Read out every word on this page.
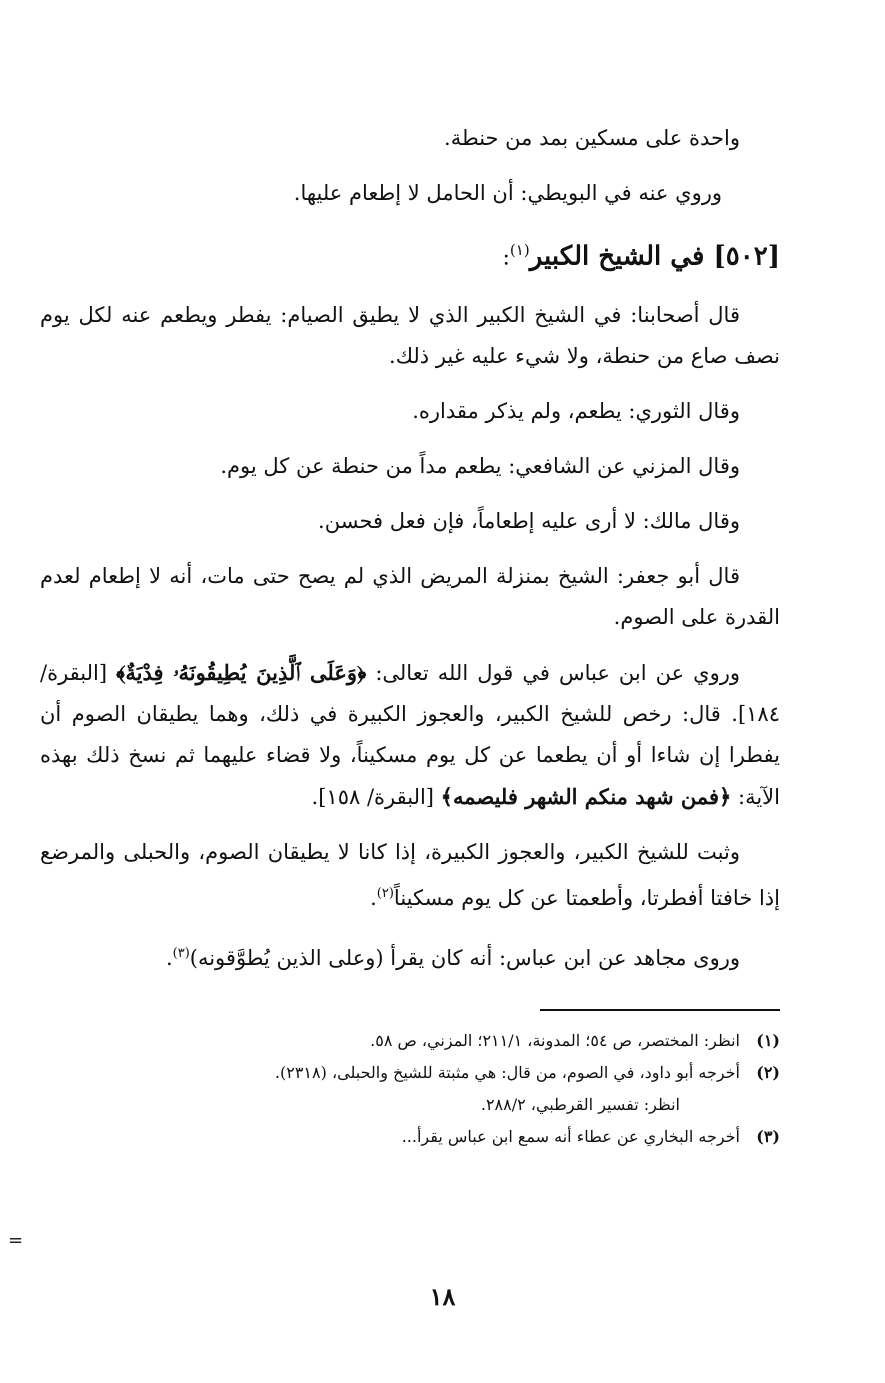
واحدة على مسكين بمد من حنطة.

وروي عنه في البويطي: أن الحامل لا إطعام عليها.

[٥٠٢] في الشيخ الكبير$^{(١)}$:

قال أصحابنا: في الشيخ الكبير الذي لا يطيق الصيام: يفطر ويطعم عنه لكل يوم نصف صاع من حنطة، ولا شيء عليه غير ذلك.

وقال الثوري: يطعم، ولم يذكر مقداره.

وقال المزني عن الشافعي: يطعم مداً من حنطة عن كل يوم.

وقال مالك: لا أرى عليه إطعاماً، فإن فعل فحسن.

قال أبو جعفر: الشيخ بمنزلة المريض الذي لم يصح حتى مات، أنه لا إطعام لعدم القدرة على الصوم.

وروي عن ابن عباس في قول الله تعالى: ﴿وَعَلَى ٱلَّذِينَ يُطِيقُونَهُۥ فِدْيَةٌ﴾ [البقرة/ ١٨٤]. قال: رخص للشيخ الكبير، والعجوز الكبيرة في ذلك، وهما يطيقان الصوم أن يفطرا إن شاءا أو أن يطعما عن كل يوم مسكيناً، ولا قضاء عليهما ثم نسخ ذلك بهذه الآية: ﴿فمن شهد منكم الشهر فليصمه﴾ [البقرة/ ١٥٨].

وثبت للشيخ الكبير، والعجوز الكبيرة، إذا كانا لا يطيقان الصوم، والحبلى والمرضع إذا خافتا أفطرتا، وأطعمتا عن كل يوم مسكيناً$^{(٢)}$.

وروى مجاهد عن ابن عباس: أنه كان يقرأ (وعلى الذين يُطوَّقونه)$^{(٣)}$.

(١)
انظر: المختصر، ص ٥٤؛ المدونة، ٢١١/١؛ المزني، ص ٥٨.
(٢)
أخرجه أبو داود، في الصوم، من قال: هي مثبتة للشيخ والحبلى، (٢٣١٨).
انظر: تفسير القرطبي، ٢٨٨/٢.
(٣)
أخرجه البخاري عن عطاء أنه سمع ابن عباس يقرأ...
=
١٨
